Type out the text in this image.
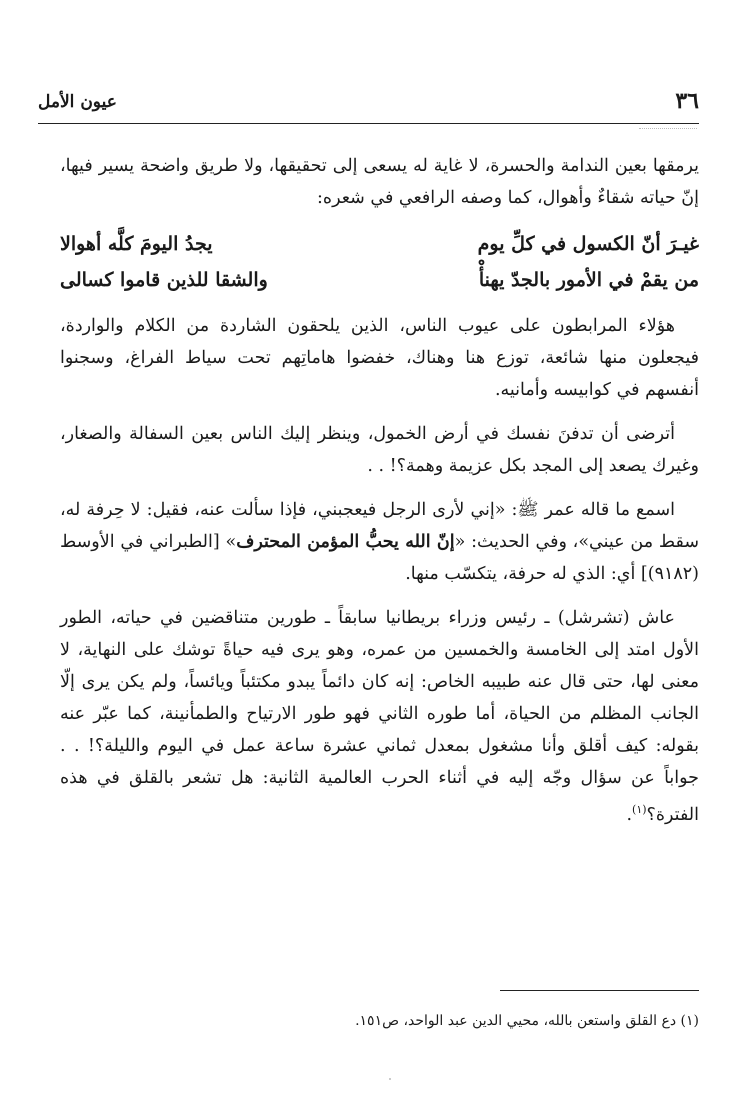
٣٦
عيون الأمل

يرمقها بعين الندامة والحسرة، لا غاية له يسعى إلى تحقيقها، ولا طريق واضحة يسير فيها، إنّ حياته شقاءٌ وأهوال، كما وصفه الرافعي في شعره:

غيـرَ أنّ الكسول في كلِّ يوم
يجدُ اليومَ كلَّه أهوالا
من يقمْ في الأمور بالجدّ يهنأْ
والشقا للذين قاموا كسالى

هؤلاء المرابطون على عيوب الناس، الذين يلحقون الشاردة من الكلام والواردة، فيجعلون منها شائعة، توزع هنا وهناك، خفضوا هاماتِهم تحت سياط الفراغ، وسجنوا أنفسهم في كوابيسه وأمانيه.

أترضى أن تدفنَ نفسك في أرض الخمول، وينظر إليك الناس بعين السفالة والصغار، وغيرك يصعد إلى المجد بكل عزيمة وهمة؟! . .

اسمع ما قاله عمر ﷺ: «إني لأرى الرجل فيعجبني، فإذا سألت عنه، فقيل: لا حِرفة له، سقط من عيني»، وفي الحديث: «إنّ الله يحبُّ المؤمن المحترف» [الطبراني في الأوسط (٩١٨٢)] أي: الذي له حرفة، يتكسّب منها.

عاش (تشرشل) ـ رئيس وزراء بريطانيا سابقاً ـ طورين متناقضين في حياته، الطور الأول امتد إلى الخامسة والخمسين من عمره، وهو يرى فيه حياةً توشك على النهاية، لا معنى لها، حتى قال عنه طبيبه الخاص: إنه كان دائماً يبدو مكتئباً ويائساً، ولم يكن يرى إلّا الجانب المظلم من الحياة، أما طوره الثاني فهو طور الارتياح والطمأنينة، كما عبّر عنه بقوله: كيف أقلق وأنا مشغول بمعدل ثماني عشرة ساعة عمل في اليوم والليلة؟! . . جواباً عن سؤال وجّه إليه في أثناء الحرب العالمية الثانية: هل تشعر بالقلق في هذه الفترة؟$^{(١)}$.

(١) دع القلق واستعن بالله، محيي الدين عبد الواحد، ص١٥١.
